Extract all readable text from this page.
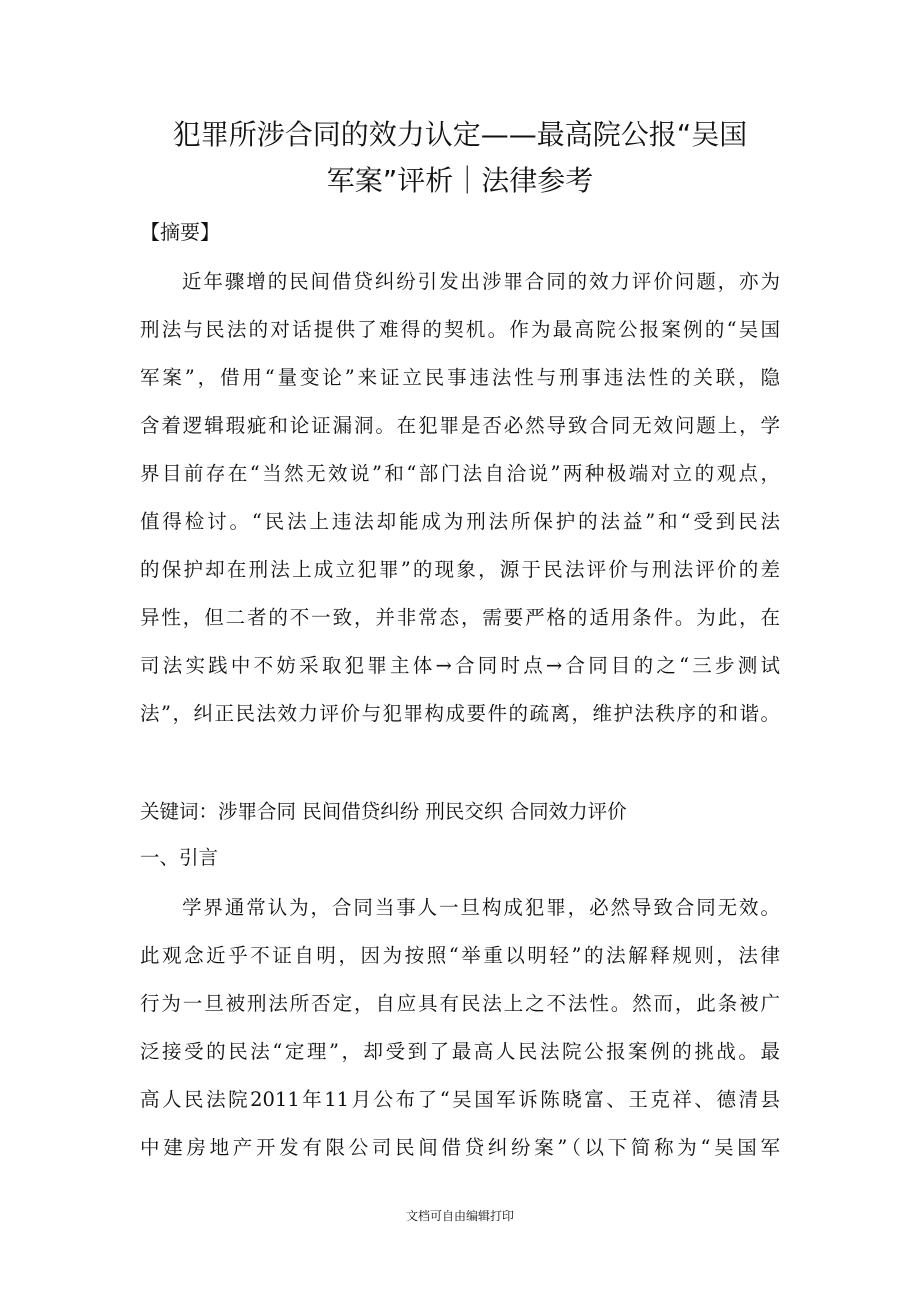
犯罪所涉合同的效力认定——最高院公报“吴国
军案”评析｜法律参考
【摘要】
近年骤增的民间借贷纠纷引发出涉罪合同的效力评价问题，亦为
刑法与民法的对话提供了难得的契机。作为最高院公报案例的“吴国
军案”，借用“量变论”来证立民事违法性与刑事违法性的关联，隐
含着逻辑瑕疵和论证漏洞。在犯罪是否必然导致合同无效问题上，学
界目前存在“当然无效说”和“部门法自洽说”两种极端对立的观点，
值得检讨。“民法上违法却能成为刑法所保护的法益”和“受到民法
的保护却在刑法上成立犯罪”的现象，源于民法评价与刑法评价的差
异性，但二者的不一致，并非常态，需要严格的适用条件。为此，在
司法实践中不妨采取犯罪主体→合同时点→合同目的之“三步测试
法”，纠正民法效力评价与犯罪构成要件的疏离，维护法秩序的和谐。
关键词：涉罪合同 民间借贷纠纷 刑民交织 合同效力评价
一、引言
学界通常认为，合同当事人一旦构成犯罪，必然导致合同无效。
此观念近乎不证自明，因为按照“举重以明轻”的法解释规则，法律
行为一旦被刑法所否定，自应具有民法上之不法性。然而，此条被广
泛接受的民法“定理”，却受到了最高人民法院公报案例的挑战。最
高人民法院2011年11月公布了“吴国军诉陈晓富、王克祥、德清县
中建房地产开发有限公司民间借贷纠纷案”（以下简称为“吴国军
文档可自由编辑打印
